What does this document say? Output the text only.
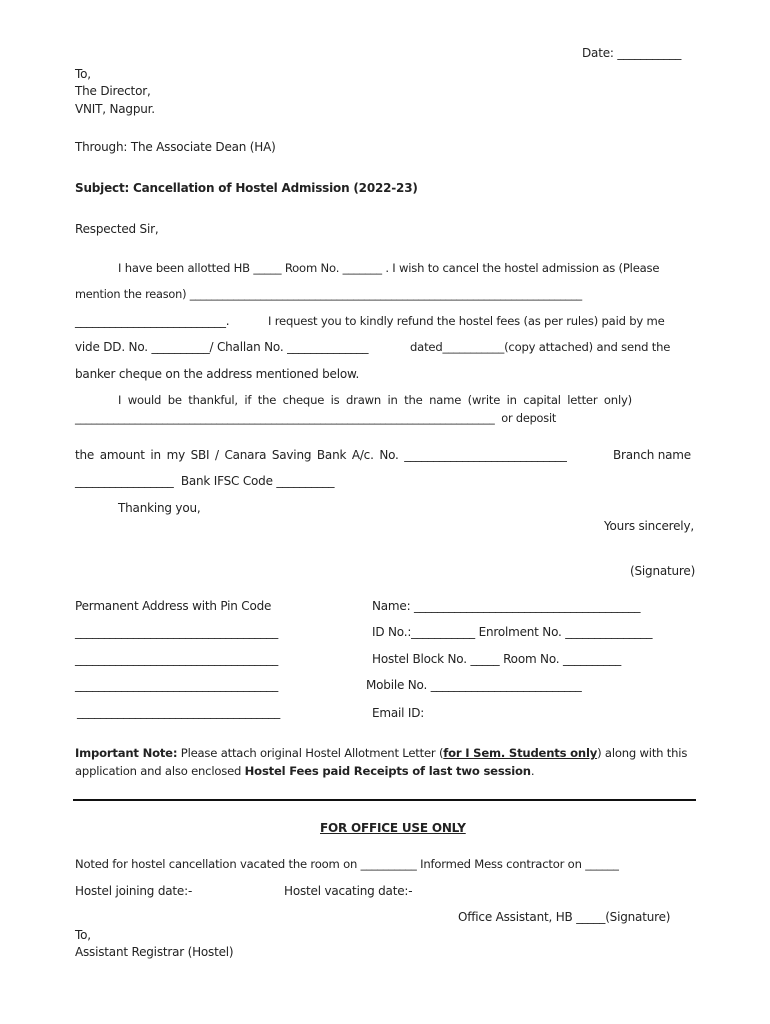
Date: ___________
To,
The Director,
VNIT, Nagpur.
Through: The Associate Dean (HA)
Subject: Cancellation of Hostel Admission (2022-23)
Respected Sir,
I have been allotted HB _____ Room No. _______ . I wish to cancel the hostel admission as (Please
mention the reason) ________________________________________________________________________
__________________________.	I request you to kindly refund the hostel fees (as per rules) paid by me
vide DD. No. __________/ Challan No. ______________	dated___________(copy attached) and send the
banker cheque on the address mentioned below.
I would be thankful, if the cheque is drawn in the name (write in capital letter only)
_____________________________________________________________________________  or deposit
the amount in my SBI / Canara Saving Bank A/c. No. ____________________________	Branch name
_________________  Bank IFSC Code __________
Thanking you,
Yours sincerely,
(Signature)
Permanent Address with Pin Code
___________________________________
___________________________________
___________________________________
___________________________________
Name: _______________________________________
ID No.:___________ Enrolment No. _______________
Hostel Block No. _____ Room No. __________
Mobile No. __________________________
Email ID:
Important Note: Please attach original Hostel Allotment Letter (for I Sem. Students only) along with this
application and also enclosed Hostel Fees paid Receipts of last two session.
FOR OFFICE USE ONLY
Noted for hostel cancellation vacated the room on __________ Informed Mess contractor on ______
Hostel joining date:-	Hostel vacating date:-
Office Assistant, HB _____(Signature)
To,
Assistant Registrar (Hostel)
